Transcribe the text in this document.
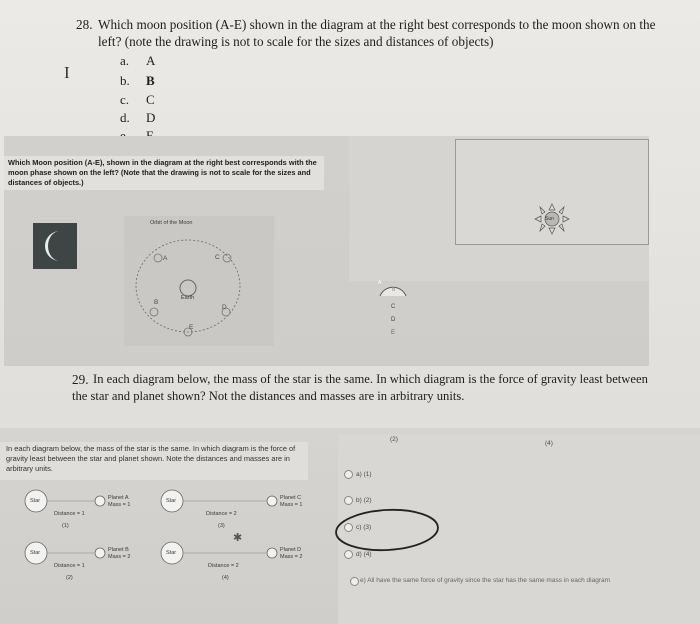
28. Which moon position (A-E) shown in the diagram at the right best corresponds to the moon shown on the
left? (note the drawing is not to scale for the sizes and distances of objects)
I
a. A
b. B
c. C
d. D
Which Moon position (A-E), shown in the diagram at the right best corresponds with the moon phase shown on the left? (Note that the drawing is not to scale for the sizes and distances of objects.)
Orbit of the Moon
Earth
A
B
C
D
E
Sun
A
B
C
D
E
29. In each diagram below, the mass of the star is the same. In which diagram is the force of gravity least between
the star and planet shown? Not the distances and masses are in arbitrary units.
In each diagram below, the mass of the star is the same. In which diagram is the force of gravity least between the star and planet shown. Note the distances and masses are in arbitrary units.
(2)
(4)
Star	Planet A
Mass = 1
Distance = 1
(1)
Star	Planet B
Mass = 2
Distance = 1
(2)
Star	Planet C
Mass = 1
Distance = 2
(3)
✱
Star	Planet D
Mass = 2
Distance = 2
(4)
a) (1)
b) (2)
c) (3)
d) (4)
e) All have the same force of gravity since the star has the same mass in each diagram
